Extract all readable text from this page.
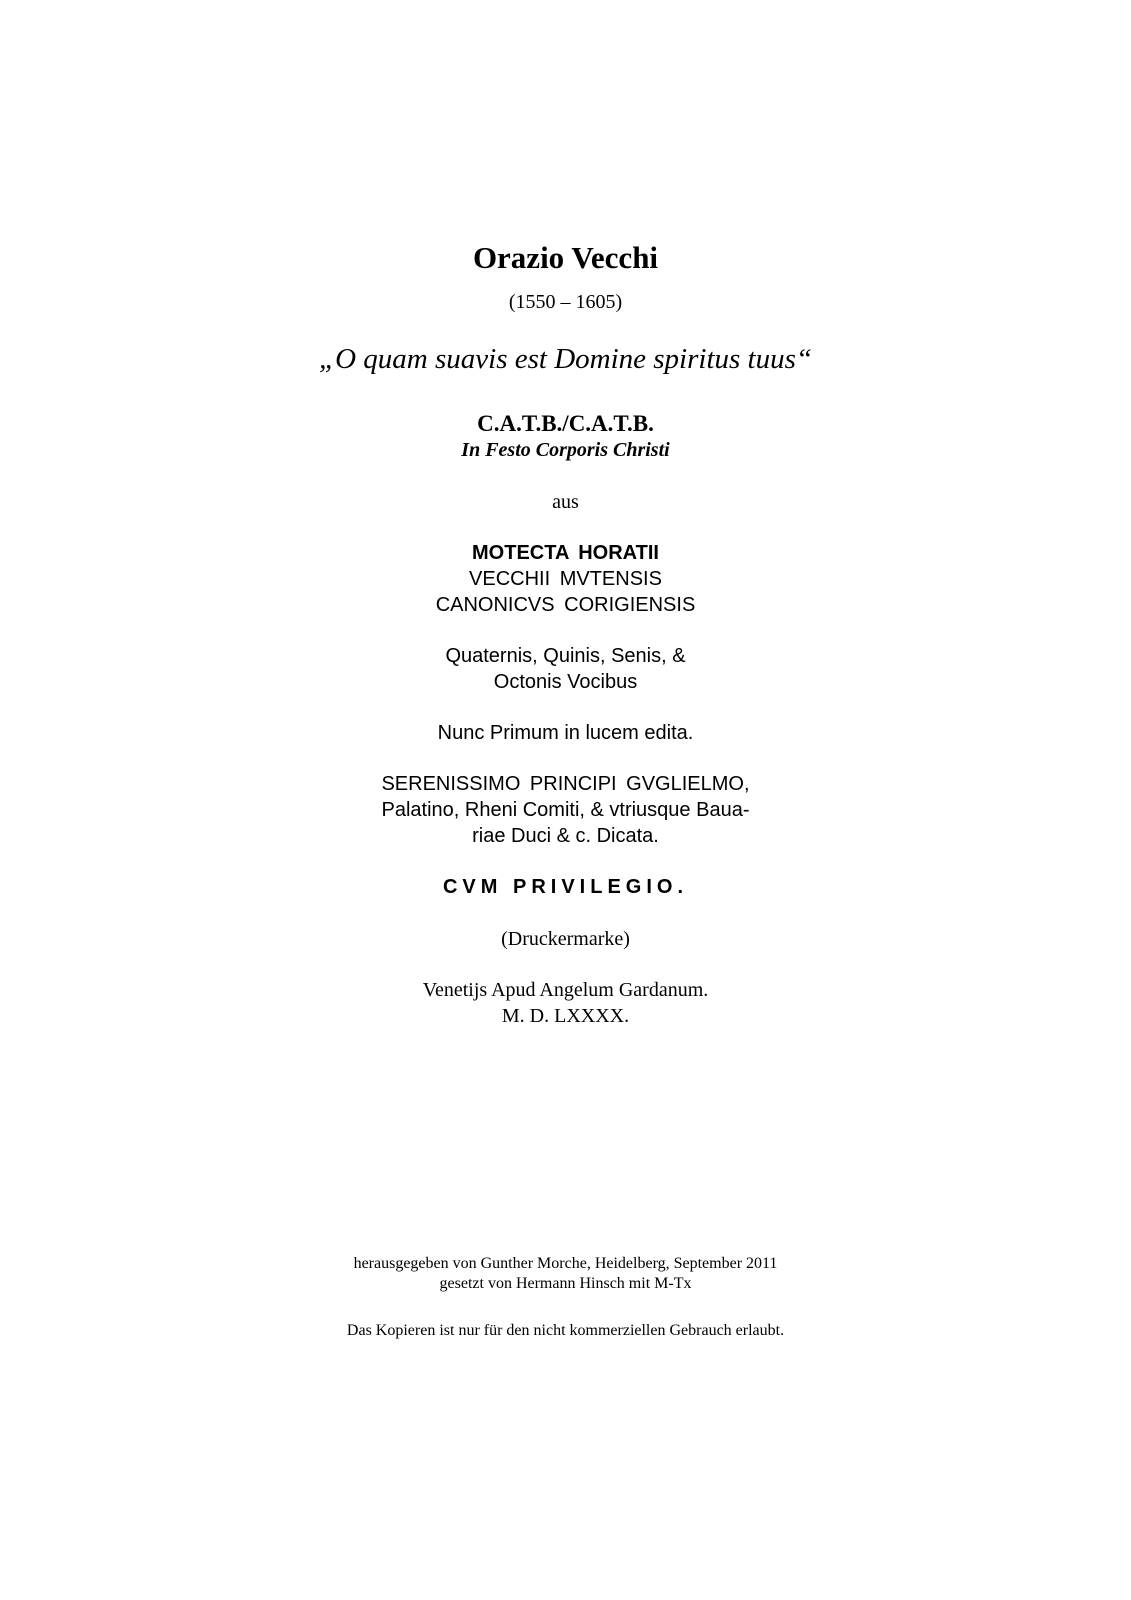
Orazio Vecchi
(1550 – 1605)
„O quam suavis est Domine spiritus tuus“
C.A.T.B./C.A.T.B.
In Festo Corporis Christi
aus
MOTECTA HORATII
VECCHII MVTENSIS
CANONICVS CORIGIENSIS
Quaternis, Quinis, Senis, &
Octonis Vocibus
Nunc Primum in lucem edita.
SERENISSIMO PRINCIPI GVGLIELMO,
Palatino, Rheni Comiti, & vtriusque Baua-
riae Duci & c. Dicata.
CVM PRIVILEGIO.
(Druckermarke)
Venetijs Apud Angelum Gardanum.
M. D. LXXXX.
herausgegeben von Gunther Morche, Heidelberg, September 2011
gesetzt von Hermann Hinsch mit M-Tx
Das Kopieren ist nur für den nicht kommerziellen Gebrauch erlaubt.
